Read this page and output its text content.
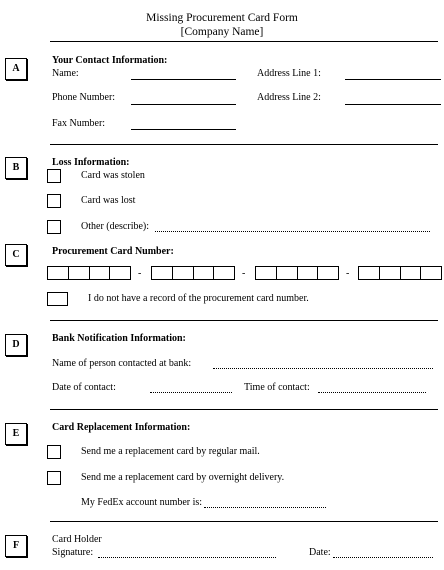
Missing Procurement Card Form
[Company Name]
A
Your Contact Information:
Name:	Address Line 1:
Phone Number:	Address Line 2:
Fax Number:
B	Loss Information:
Card was stolen
Card was lost
Other (describe):
C	Procurement Card Number:
-	-	-
I do not have a record of the procurement card number.
D
Bank Notification Information:
Name of person contacted at bank:
Date of contact:	Time of contact:
E
Card Replacement Information:
Send me a replacement card by regular mail.
Send me a replacement card by overnight delivery.
My FedEx account number is:
F
Card Holder
Signature:	Date:
